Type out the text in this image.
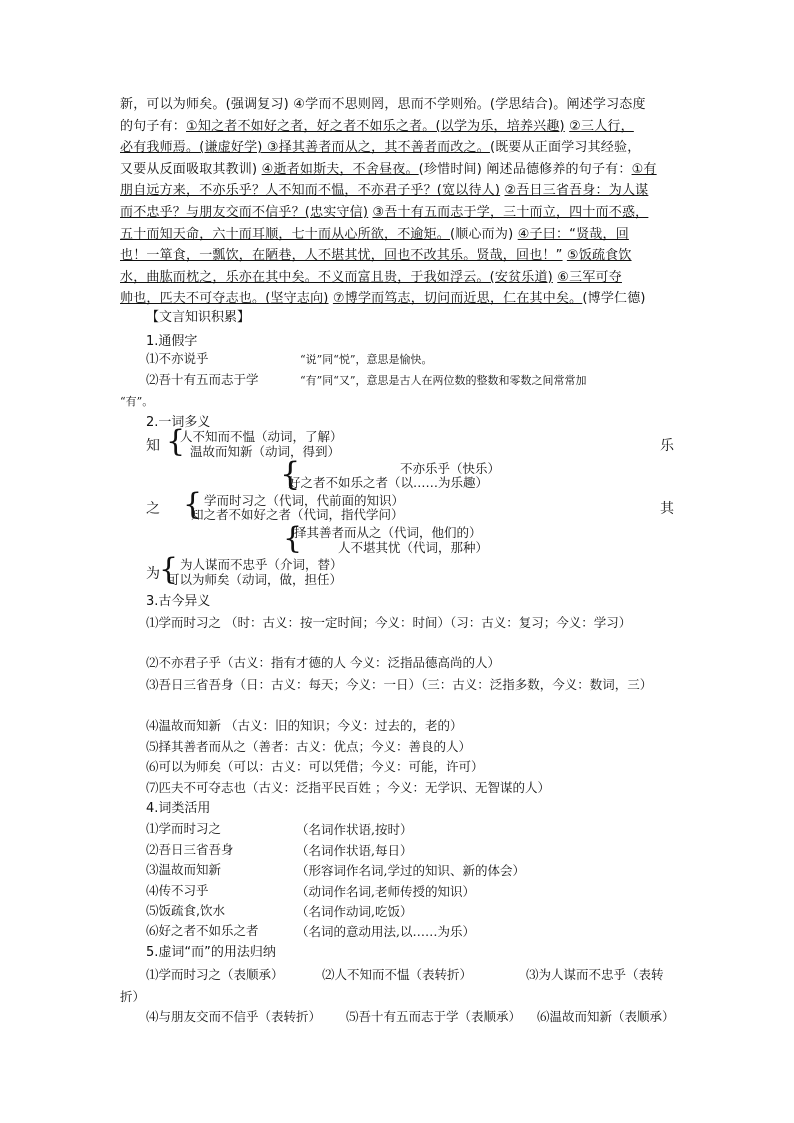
新，可以为师矣。(强调复习) ④学而不思则罔，思而不学则殆。(学思结合)。阐述学习态度
的句子有：①知之者不如好之者，好之者不如乐之者。(以学为乐，培养兴趣) ②三人行，
必有我师焉。(谦虚好学) ③择其善者而从之，其不善者而改之。(既要从正面学习其经验，
又要从反面吸取其教训) ④逝者如斯夫，不舍昼夜。(珍惜时间) 阐述品德修养的句子有：①有
朋自远方来，不亦乐乎？人不知而不愠，不亦君子乎？(宽以待人) ②吾日三省吾身：为人谋
而不忠乎？与朋友交而不信乎？(忠实守信) ③吾十有五而志于学，三十而立，四十而不惑，
五十而知天命，六十而耳顺，七十而从心所欲，不逾矩。(顺心而为) ④子曰：“贤哉，回
也！一箪食，一瓢饮，在陋巷，人不堪其忧，回也不改其乐。贤哉，回也！” ⑤饭疏食饮
水，曲肱而枕之，乐亦在其中矣。不义而富且贵，于我如浮云。(安贫乐道) ⑥三军可夺
帅也，匹夫不可夺志也。(坚守志向) ⑦博学而笃志，切问而近思，仁在其中矣。(博学仁德)
【文言知识积累】
1.通假字
⑴不亦说乎	“说”同“悦”，意思是愉快。
⑵吾十有五而志于学	“有”同“又”，意思是古人在两位数的整数和零数之间常常加
“有”。
2.一词多义
知 {
人不知而不愠（动词，了解）
温故而知新（动词，得到）	乐
{	不亦乐乎（快乐）
好之者不如乐之者（以……为乐趣）
之 { 学而时习之（代词，代前面的知识）
知之者不如好之者（代词，指代学问）	其
{
择其善者而从之（代词，他们的）
人不堪其忧（代词，那种）
为 { 为人谋而不忠乎（介词，替）
可以为师矣（动词，做，担任）
3.古今异义
⑴学而时习之 （时：古义：按一定时间；今义：时间）（习：古义：复习；今义：学习）
⑵不亦君子乎（古义：指有才德的人 今义：泛指品德高尚的人）
⑶吾日三省吾身（日：古义：每天；今义：一日）（三：古义：泛指多数，今义：数词，三）
⑷温故而知新 （古义：旧的知识；今义：过去的，老的）
⑸择其善者而从之（善者：古义：优点；今义：善良的人）
⑹可以为师矣（可以：古义：可以凭借；今义：可能，许可）
⑺匹夫不可夺志也（古义：泛指平民百姓 ；今义：无学识、无智谋的人）
4.词类活用
⑴学而时习之	（名词作状语,按时）
⑵吾日三省吾身	（名词作状语,每日）
⑶温故而知新	（形容词作名词,学过的知识、新的体会）
⑷传不习乎	（动词作名词,老师传授的知识）
⑸饭疏食,饮水	（名词作动词,吃饭）
⑹好之者不如乐之者	（名词的意动用法,以……为乐）
5.虚词“而”的用法归纳
⑴学而时习之（表顺承）	⑵人不知而不愠（表转折）	⑶为人谋而不忠乎（表转
折）
⑷与朋友交而不信乎（表转折） ⑸吾十有五而志于学（表顺承） ⑹温故而知新（表顺承）
